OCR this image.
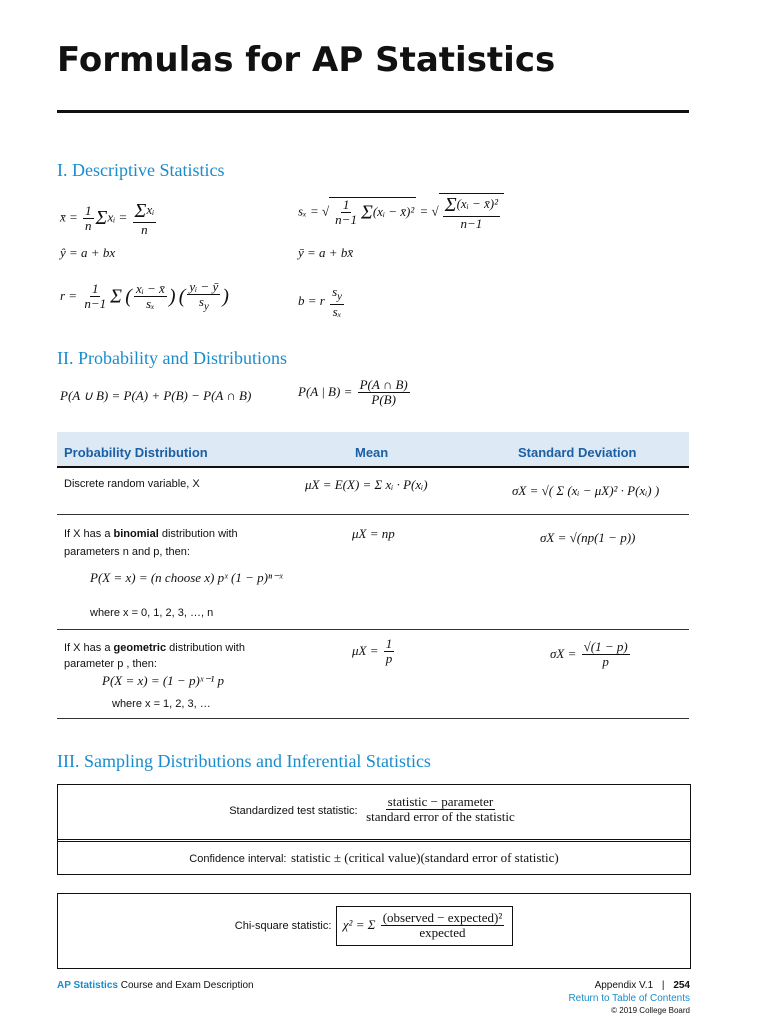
Formulas for AP Statistics
I. Descriptive Statistics
x̄ = $\frac{1}{n}$ Σxᵢ = Σxᵢ
n
sₓ = √ $\frac{1}{n-1}$ Σ(xᵢ − x̄)² = √ $\frac{\text{Σ(xᵢ − x̄)²}}{n-1}$
ŷ = a + bx	ȳ = a + bx̄
$r = \frac{1}{n-1}$ Σ ( $\frac{\text{xᵢ − x̄}}{\text{sₓ}}$ ) ( $\frac{\text{yᵢ − ȳ}}{s_y}$ )	b = r $\frac{s_y}{\text{sₓ}}$
II. Probability and Distributions
P(A ∪ B) = P(A) + P(B) − P(A ∩ B)	P(A | $B) = \frac{P(A \cap B)}{P(B)}$
Probability Distribution	Mean	Standard Deviation
Discrete random variable, X	μX = E(X) = Σ xᵢ · P(xᵢ)	σX = √( Σ (xᵢ − μX)² · P(xᵢ) )
If X has a binomial distribution with
parameters n and p, then:
P(X = x) = (n choose x) pˣ (1 − p)ⁿ⁻ˣ
where x = 0, 1, 2, 3, …, n
μX = np	σX = √(np(1 − p))
If X has a geometric distribution with
parameter p , then:
P(X = x) = (1 − p)ˣ⁻¹ p
where x = 1, 2, 3, …
$\mu X = \frac{1}{p}$	$\sigma X = \frac{√(1 - p)}{p}$
III. Sampling Distributions and Inferential Statistics
Standardized test statistic:
statistic − parameter
standard error of the statistic
Confidence interval: statistic ± (critical value)(standard error of statistic)
Chi-square statistic: χ² = Σ (observed − expected)²
expected
AP Statistics Course and Exam Description	Appendix V.1 | 254
Return to Table of Contents
© 2019 College Board
